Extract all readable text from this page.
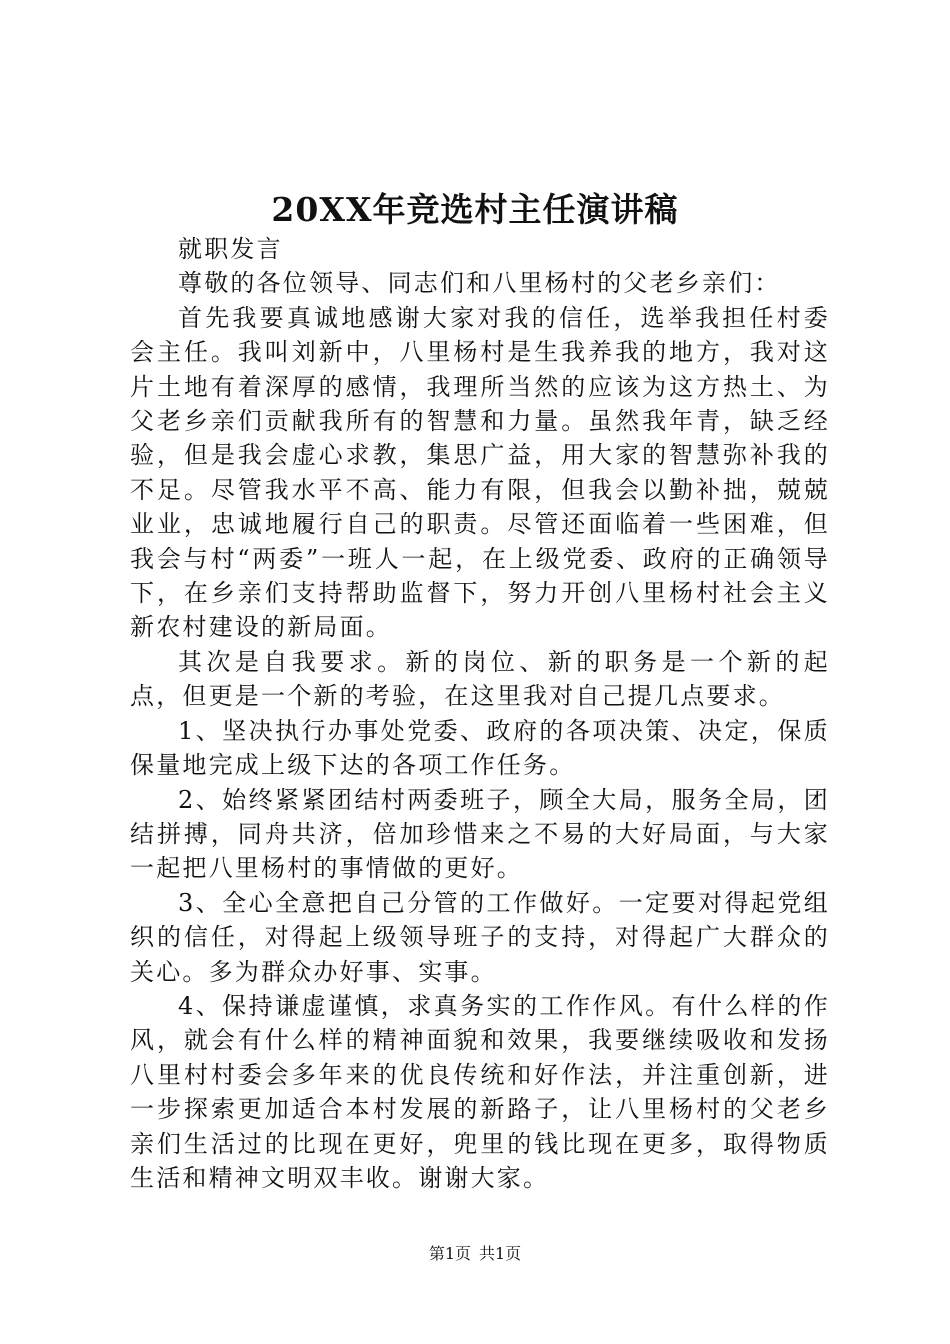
20XX年竞选村主任演讲稿

就职发言

尊敬的各位领导、同志们和八里杨村的父老乡亲们：

首先我要真诚地感谢大家对我的信任，选举我担任村委会主任。我叫刘新中，八里杨村是生我养我的地方，我对这片土地有着深厚的感情，我理所当然的应该为这方热土、为父老乡亲们贡献我所有的智慧和力量。虽然我年青，缺乏经验，但是我会虚心求教，集思广益，用大家的智慧弥补我的不足。尽管我水平不高、能力有限，但我会以勤补拙，兢兢业业，忠诚地履行自己的职责。尽管还面临着一些困难，但我会与村“两委”一班人一起，在上级党委、政府的正确领导下，在乡亲们支持帮助监督下，努力开创八里杨村社会主义新农村建设的新局面。

其次是自我要求。新的岗位、新的职务是一个新的起点，但更是一个新的考验，在这里我对自己提几点要求。

1、坚决执行办事处党委、政府的各项决策、决定，保质保量地完成上级下达的各项工作任务。

2、始终紧紧团结村两委班子，顾全大局，服务全局，团结拼搏，同舟共济，倍加珍惜来之不易的大好局面，与大家一起把八里杨村的事情做的更好。

3、全心全意把自己分管的工作做好。一定要对得起党组织的信任，对得起上级领导班子的支持，对得起广大群众的关心。多为群众办好事、实事。

4、保持谦虚谨慎，求真务实的工作作风。有什么样的作风，就会有什么样的精神面貌和效果，我要继续吸收和发扬八里村村委会多年来的优良传统和好作法，并注重创新，进一步探索更加适合本村发展的新路子，让八里杨村的父老乡亲们生活过的比现在更好，兜里的钱比现在更多，取得物质生活和精神文明双丰收。谢谢大家。

第1页 共1页
